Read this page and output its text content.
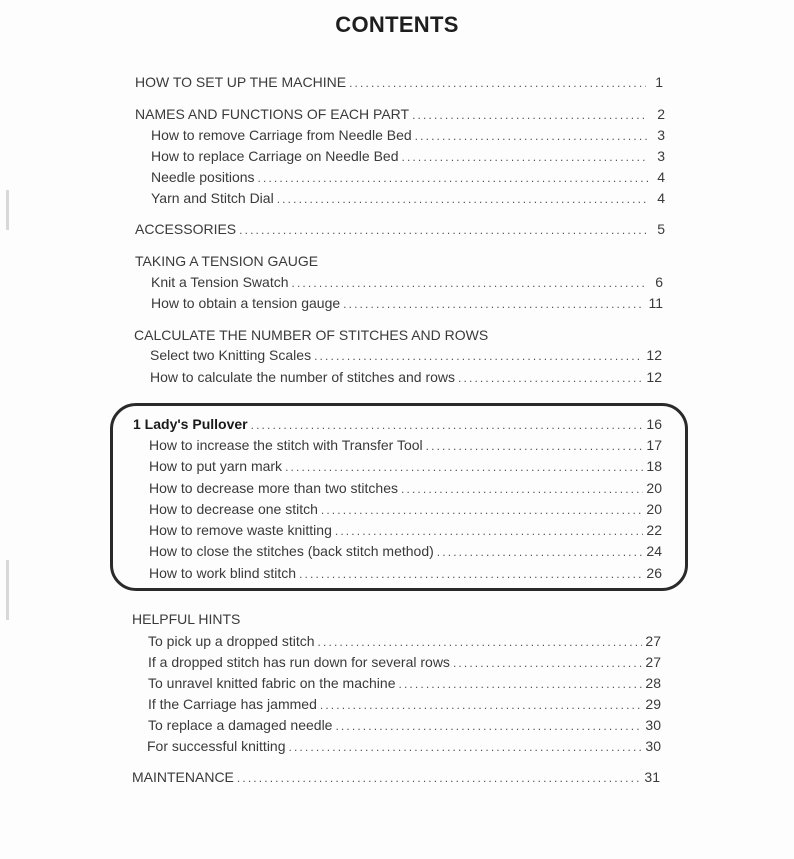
CONTENTS
HOW TO SET UP THE MACHINE . . .	1
NAMES AND FUNCTIONS OF EACH PART . . .	2
How to remove Carriage from Needle Bed . . .	3
How to replace Carriage on Needle Bed . . .	3
Needle positions . . .	4
Yarn and Stitch Dial . . .	4
ACCESSORIES . . .	5
TAKING A TENSION GAUGE
Knit a Tension Swatch . . .	6
How to obtain a tension gauge . . .	11
CALCULATE THE NUMBER OF STITCHES AND ROWS
Select two Knitting Scales . . .	12
How to calculate the number of stitches and rows . . .	12
1 Lady's Pullover . . .	16
How to increase the stitch with Transfer Tool . . .	17
How to put yarn mark . . .	18
How to decrease more than two stitches . . .	20
How to decrease one stitch . . .	20
How to remove waste knitting . . .	22
How to close the stitches (back stitch method) . . .	24
How to work blind stitch . . .	26
HELPFUL HINTS
To pick up a dropped stitch . . .	27
If a dropped stitch has run down for several rows . . .	27
To unravel knitted fabric on the machine . . .	28
If the Carriage has jammed . . .	29
To replace a damaged needle . . .	30
For successful knitting . . .	30
MAINTENANCE . . .	31
